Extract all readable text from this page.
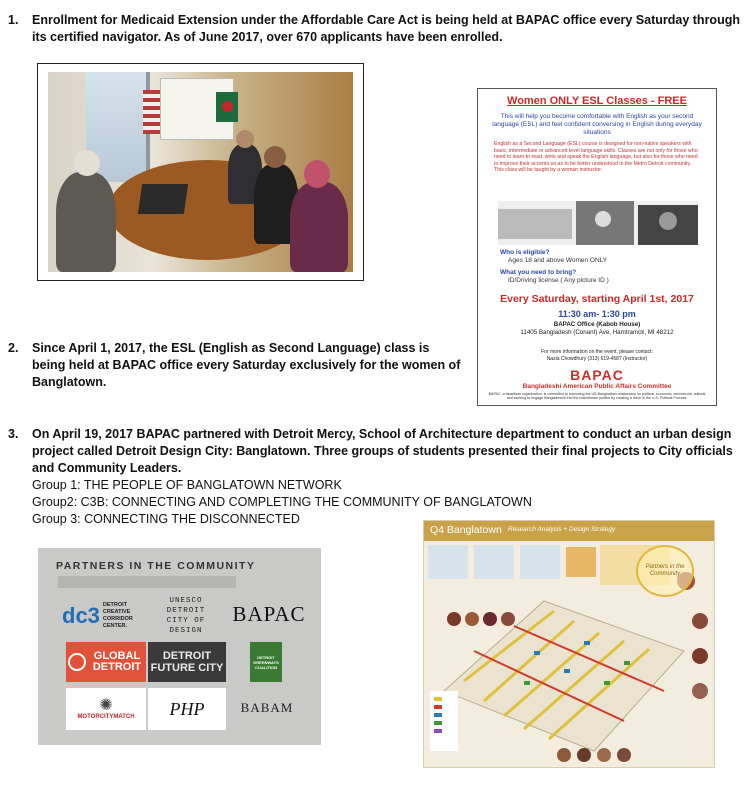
1. Enrollment for Medicaid Extension under the Affordable Care Act is being held at BAPAC office every Saturday through its certified navigator. As of June 2017, over 670 applicants have been enrolled.
Women ONLY ESL Classes - FREE
This will help you become comfortable with English as your second language (ESL) and feel confident conversing in English during everyday situations
English as a Second Language (ESL) course is designed for non-native speakers with basic, intermediate or advanced level language skills. Classes are not only for those who need to learn to read, write and speak the English language, but also for those who need to improve their accents so as to be better understood in the Metro Detroit community. This class will be taught by a woman instructor.
Who is eligible?
Ages 18 and above Women ONLY
What you need to bring?
ID/Driving license ( Any picture ID )
Every Saturday, starting April 1st, 2017
11:30 am- 1:30 pm
BAPAC Office (Kabob House)
11405 Bangladesh (Conant) Ave, Hamtramck, MI 48212
For more information on the event, please contact:
Nazia Chowdhury (313) 619-4587 (Instructor)
BAPAC
Bangladeshi American Public Affairs Committee
BAPAC, a bipartisan organization, is committed to improving the US-Bangladesh relationship on political, economic, commercial, cultural and working to engage Bangladeshis into the mainstream politics by creating a voice in the U.S. Political Process.
2. Since April 1, 2017, the ESL (English as Second Language) class is being held at BAPAC office every Saturday exclusively for the women of Banglatown.
3. On April 19, 2017 BAPAC partnered with Detroit Mercy, School of Architecture department to conduct an urban design project called Detroit Design City: Banglatown. Three groups of students presented their final projects to City officials and Community Leaders.
Group 1: THE PEOPLE OF BANGLATOWN NETWORK
Group2: C3B: CONNECTING AND COMPLETING THE COMMUNITY OF BANGLATOWN
Group 3: CONNECTING THE DISCONNECTED
PARTNERS IN THE COMMUNITY
dc3 DETROIT CREATIVE CORRIDOR CENTER.
UNESCO DETROIT CITY OF DESIGN
BAPAC
GLOBAL DETROIT
DETROIT FUTURE CITY
DETROIT GREENWAYS COALITION
✺
MOTORCITYMATCH	PHP	BABAM
Q4 Banglatown Research Analysis + Design Strategy
Partners in the Community
